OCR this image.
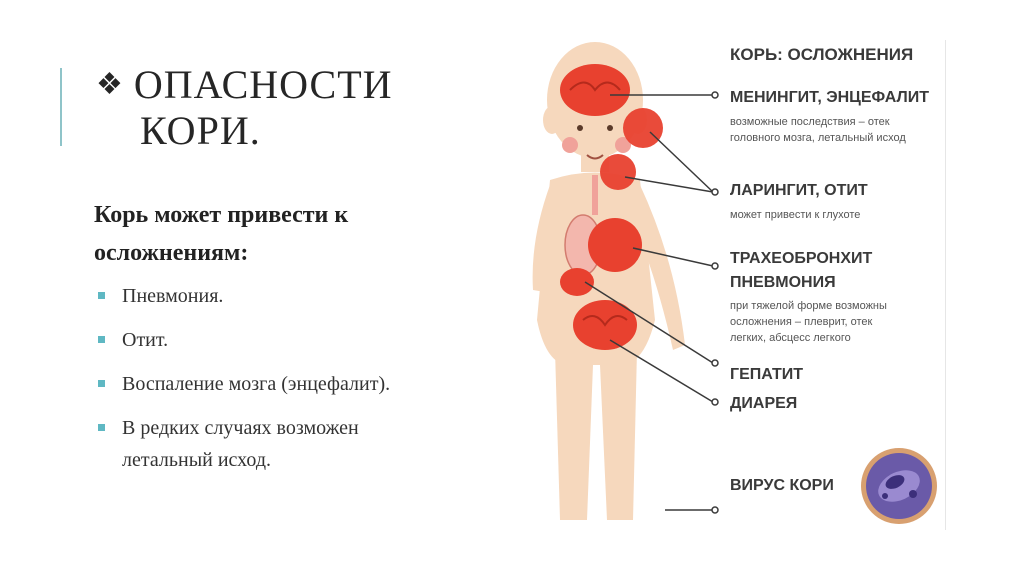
❖ ОПАСНОСТИ
КОРИ.
Корь может привести к осложнениям:
Пневмония.
Отит.
Воспаление мозга (энцефалит).
В редких случаях возможен летальный исход.
КОРЬ: ОСЛОЖНЕНИЯ
МЕНИНГИТ, ЭНЦЕФАЛИТ
возможные последствия – отек
головного мозга, летальный исход
ЛАРИНГИТ, ОТИТ
может привести к глухоте
ТРАХЕОБРОНХИТ
ПНЕВМОНИЯ
при тяжелой форме возможны
осложнения – плеврит, отек
легких, абсцесс легкого
ГЕПАТИТ
ДИАРЕЯ
ВИРУС КОРИ
